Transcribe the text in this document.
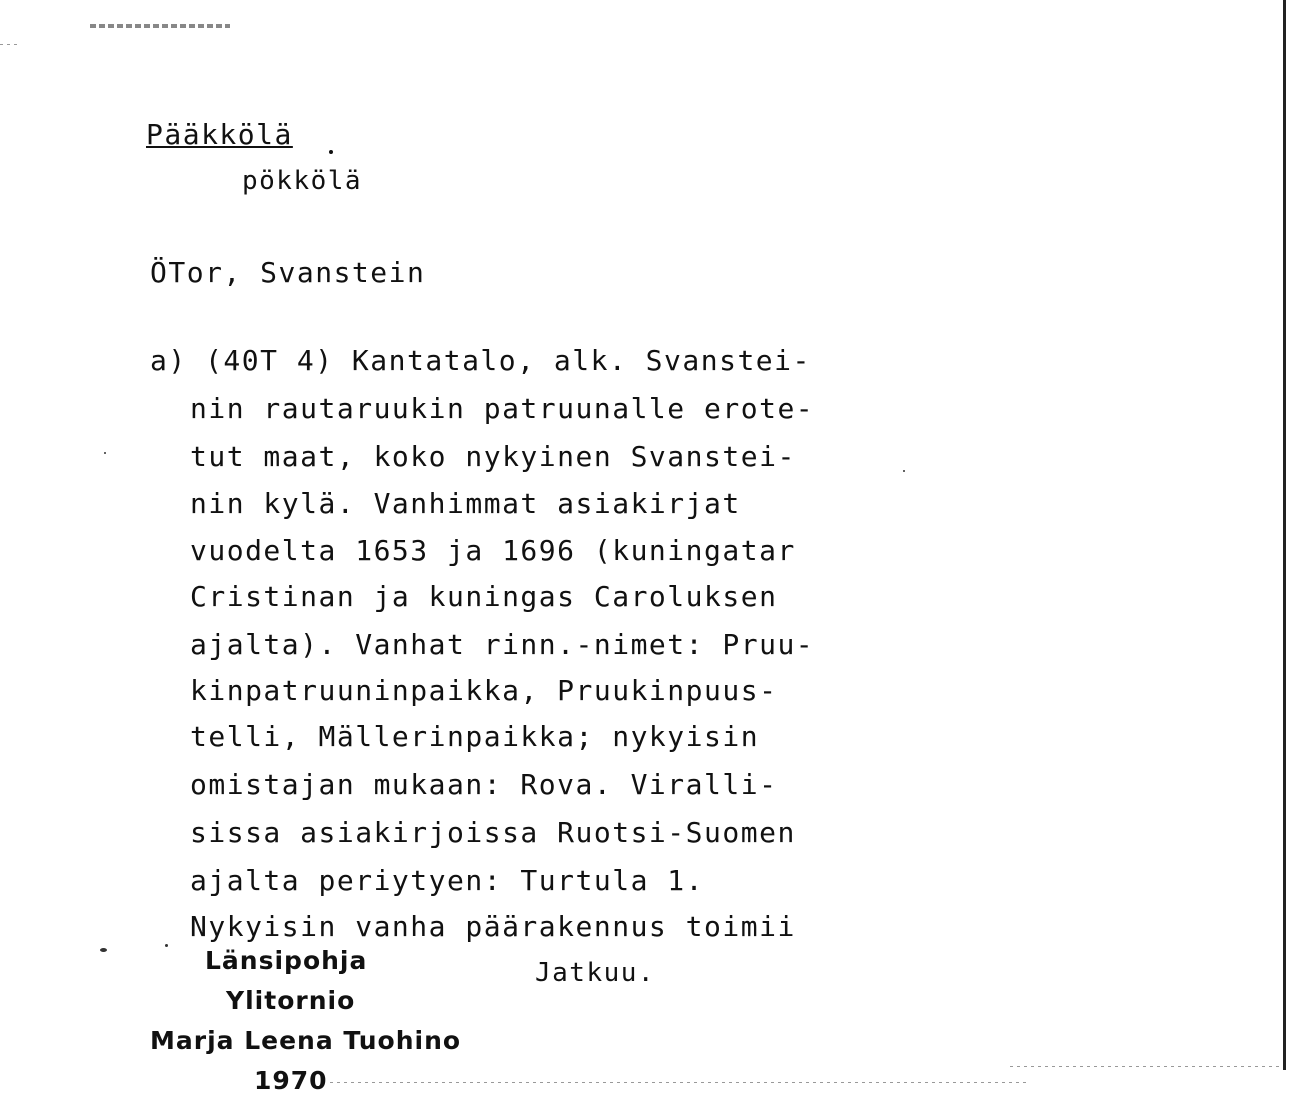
Pääkkölä
pökkölä
ÖTor, Svanstein
a) (40T 4) Kantatalo, alk. Svanstei-
nin rautaruukin patruunalle erote-
tut maat, koko nykyinen Svanstei-
nin kylä. Vanhimmat asiakirjat
vuodelta 1653 ja 1696 (kuningatar
Cristinan ja kuningas Caroluksen
ajalta). Vanhat rinn.-nimet: Pruu-
kinpatruuninpaikka, Pruukinpuus-
telli, Mällerinpaikka; nykyisin
omistajan mukaan: Rova. Viralli-
sissa asiakirjoissa Ruotsi-Suomen
ajalta periytyen: Turtula 1.
Nykyisin vanha päärakennus toimii
Länsipohja	Jatkuu.
Ylitornio
Marja Leena Tuohino
1970
